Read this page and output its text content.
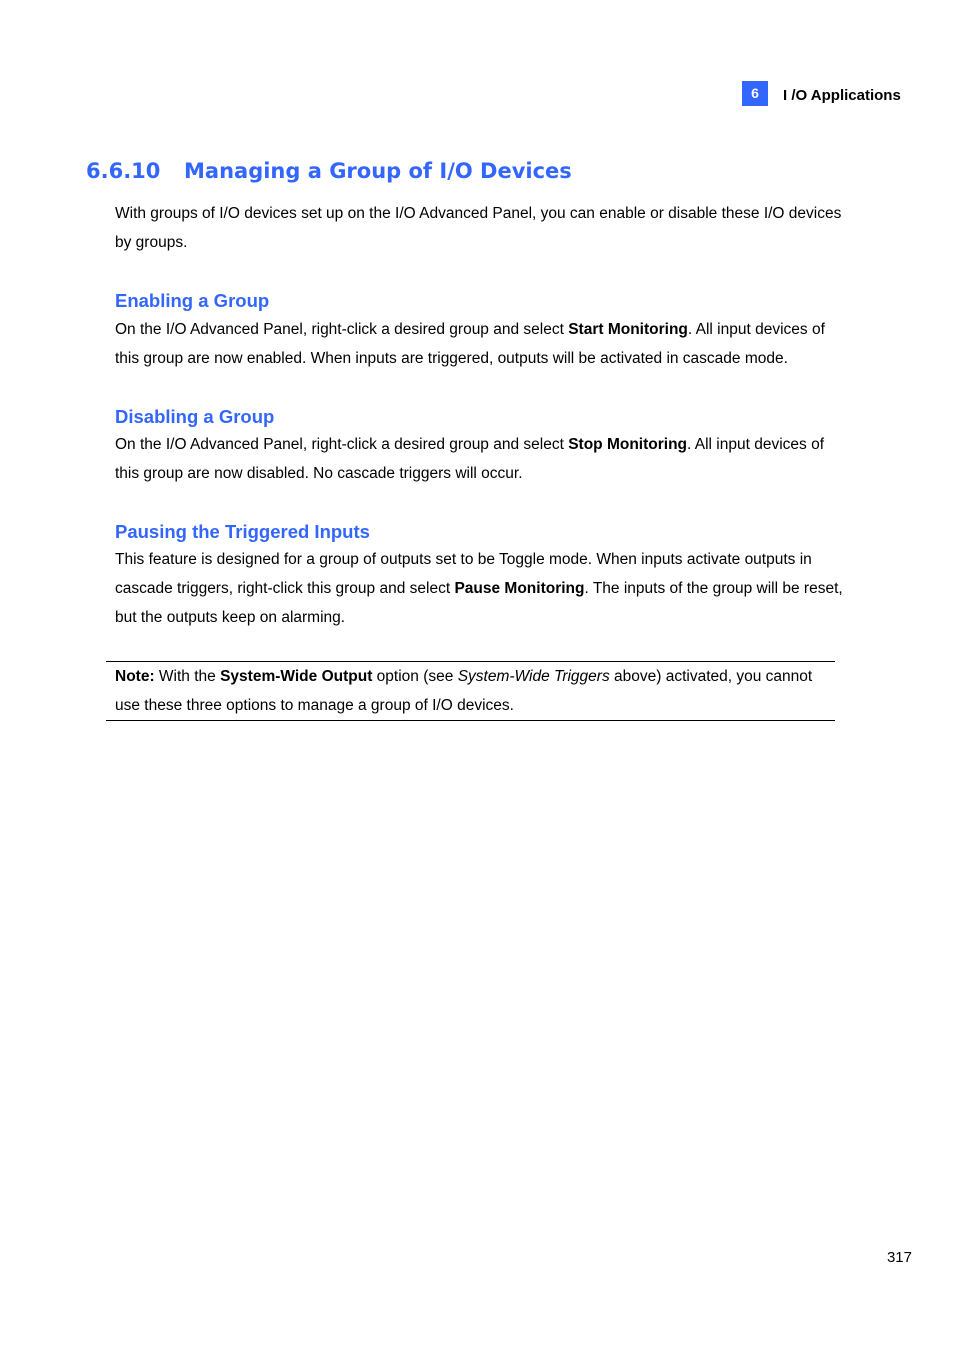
6	I /O Applications
6.6.10 Managing a Group of I/O Devices

With groups of I/O devices set up on the I/O Advanced Panel, you can enable or disable these I/O devices by groups.

Enabling a Group

On the I/O Advanced Panel, right-click a desired group and select Start Monitoring. All input devices of this group are now enabled. When inputs are triggered, outputs will be activated in cascade mode.

Disabling a Group

On the I/O Advanced Panel, right-click a desired group and select Stop Monitoring. All input devices of this group are now disabled. No cascade triggers will occur.

Pausing the Triggered Inputs

This feature is designed for a group of outputs set to be Toggle mode. When inputs activate outputs in cascade triggers, right-click this group and select Pause Monitoring. The inputs of the group will be reset, but the outputs keep on alarming.

Note: With the System-Wide Output option (see System-Wide Triggers above) activated, you cannot use these three options to manage a group of I/O devices.

317
